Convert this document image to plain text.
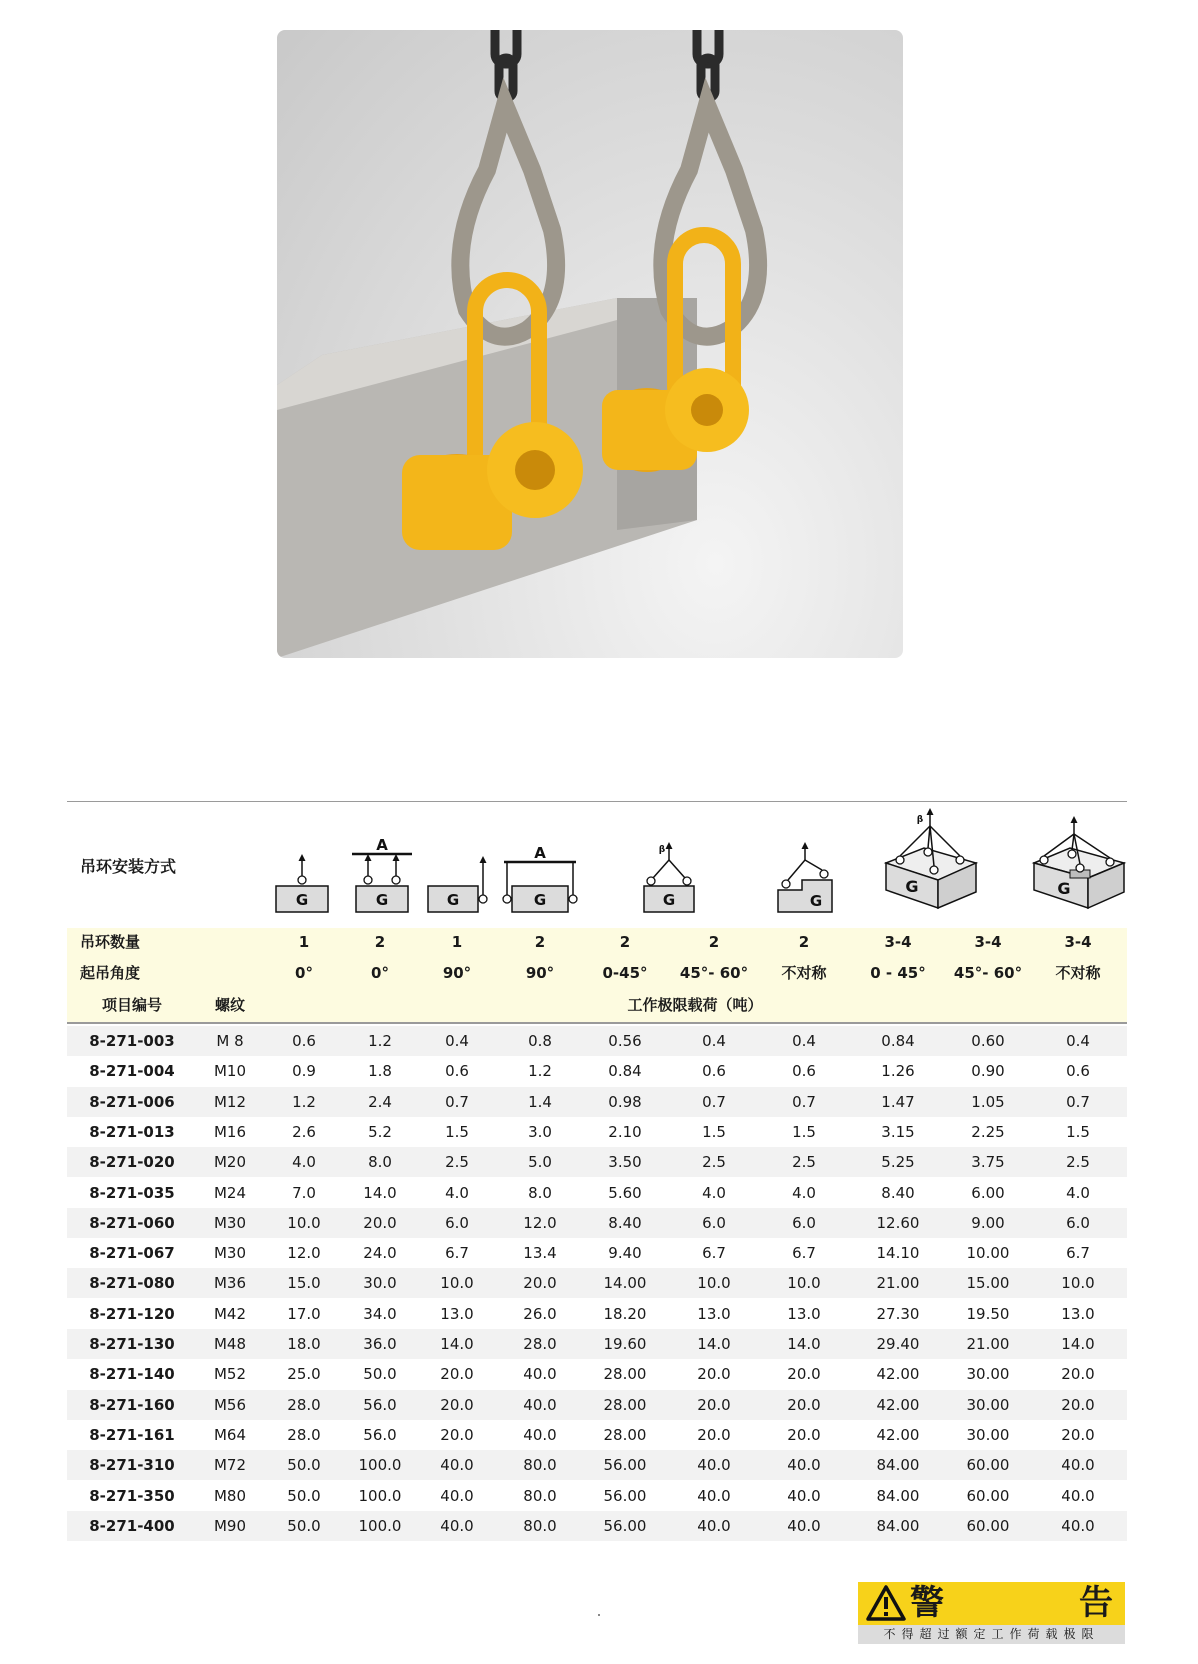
吊环安装方式
G
A
G	G
A
G	G
β
G
G
β
G
吊环数量	1	2	1	2	2	2	2	3-4	3-4	3-4
起吊角度	0°	0°	90°	90°	0-45°	45°- 60°	不对称	0 - 45°	45°- 60°	不对称
项目编号	螺纹	工作极限载荷（吨）
8-271-003	M 8	0.6	1.2	0.4	0.8	0.56	0.4	0.4	0.84	0.60	0.4
8-271-004	M10	0.9	1.8	0.6	1.2	0.84	0.6	0.6	1.26	0.90	0.6
8-271-006	M12	1.2	2.4	0.7	1.4	0.98	0.7	0.7	1.47	1.05	0.7
8-271-013	M16	2.6	5.2	1.5	3.0	2.10	1.5	1.5	3.15	2.25	1.5
8-271-020	M20	4.0	8.0	2.5	5.0	3.50	2.5	2.5	5.25	3.75	2.5
8-271-035	M24	7.0	14.0	4.0	8.0	5.60	4.0	4.0	8.40	6.00	4.0
8-271-060	M30	10.0	20.0	6.0	12.0	8.40	6.0	6.0	12.60	9.00	6.0
8-271-067	M30	12.0	24.0	6.7	13.4	9.40	6.7	6.7	14.10	10.00	6.7
8-271-080	M36	15.0	30.0	10.0	20.0	14.00	10.0	10.0	21.00	15.00	10.0
8-271-120	M42	17.0	34.0	13.0	26.0	18.20	13.0	13.0	27.30	19.50	13.0
8-271-130	M48	18.0	36.0	14.0	28.0	19.60	14.0	14.0	29.40	21.00	14.0
8-271-140	M52	25.0	50.0	20.0	40.0	28.00	20.0	20.0	42.00	30.00	20.0
8-271-160	M56	28.0	56.0	20.0	40.0	28.00	20.0	20.0	42.00	30.00	20.0
8-271-161	M64	28.0	56.0	20.0	40.0	28.00	20.0	20.0	42.00	30.00	20.0
8-271-310	M72	50.0	100.0	40.0	80.0	56.00	40.0	40.0	84.00	60.00	40.0
8-271-350	M80	50.0	100.0	40.0	80.0	56.00	40.0	40.0	84.00	60.00	40.0
8-271-400	M90	50.0	100.0	40.0	80.0	56.00	40.0	40.0	84.00	60.00	40.0
警	告
不得超过额定工作荷载极限
